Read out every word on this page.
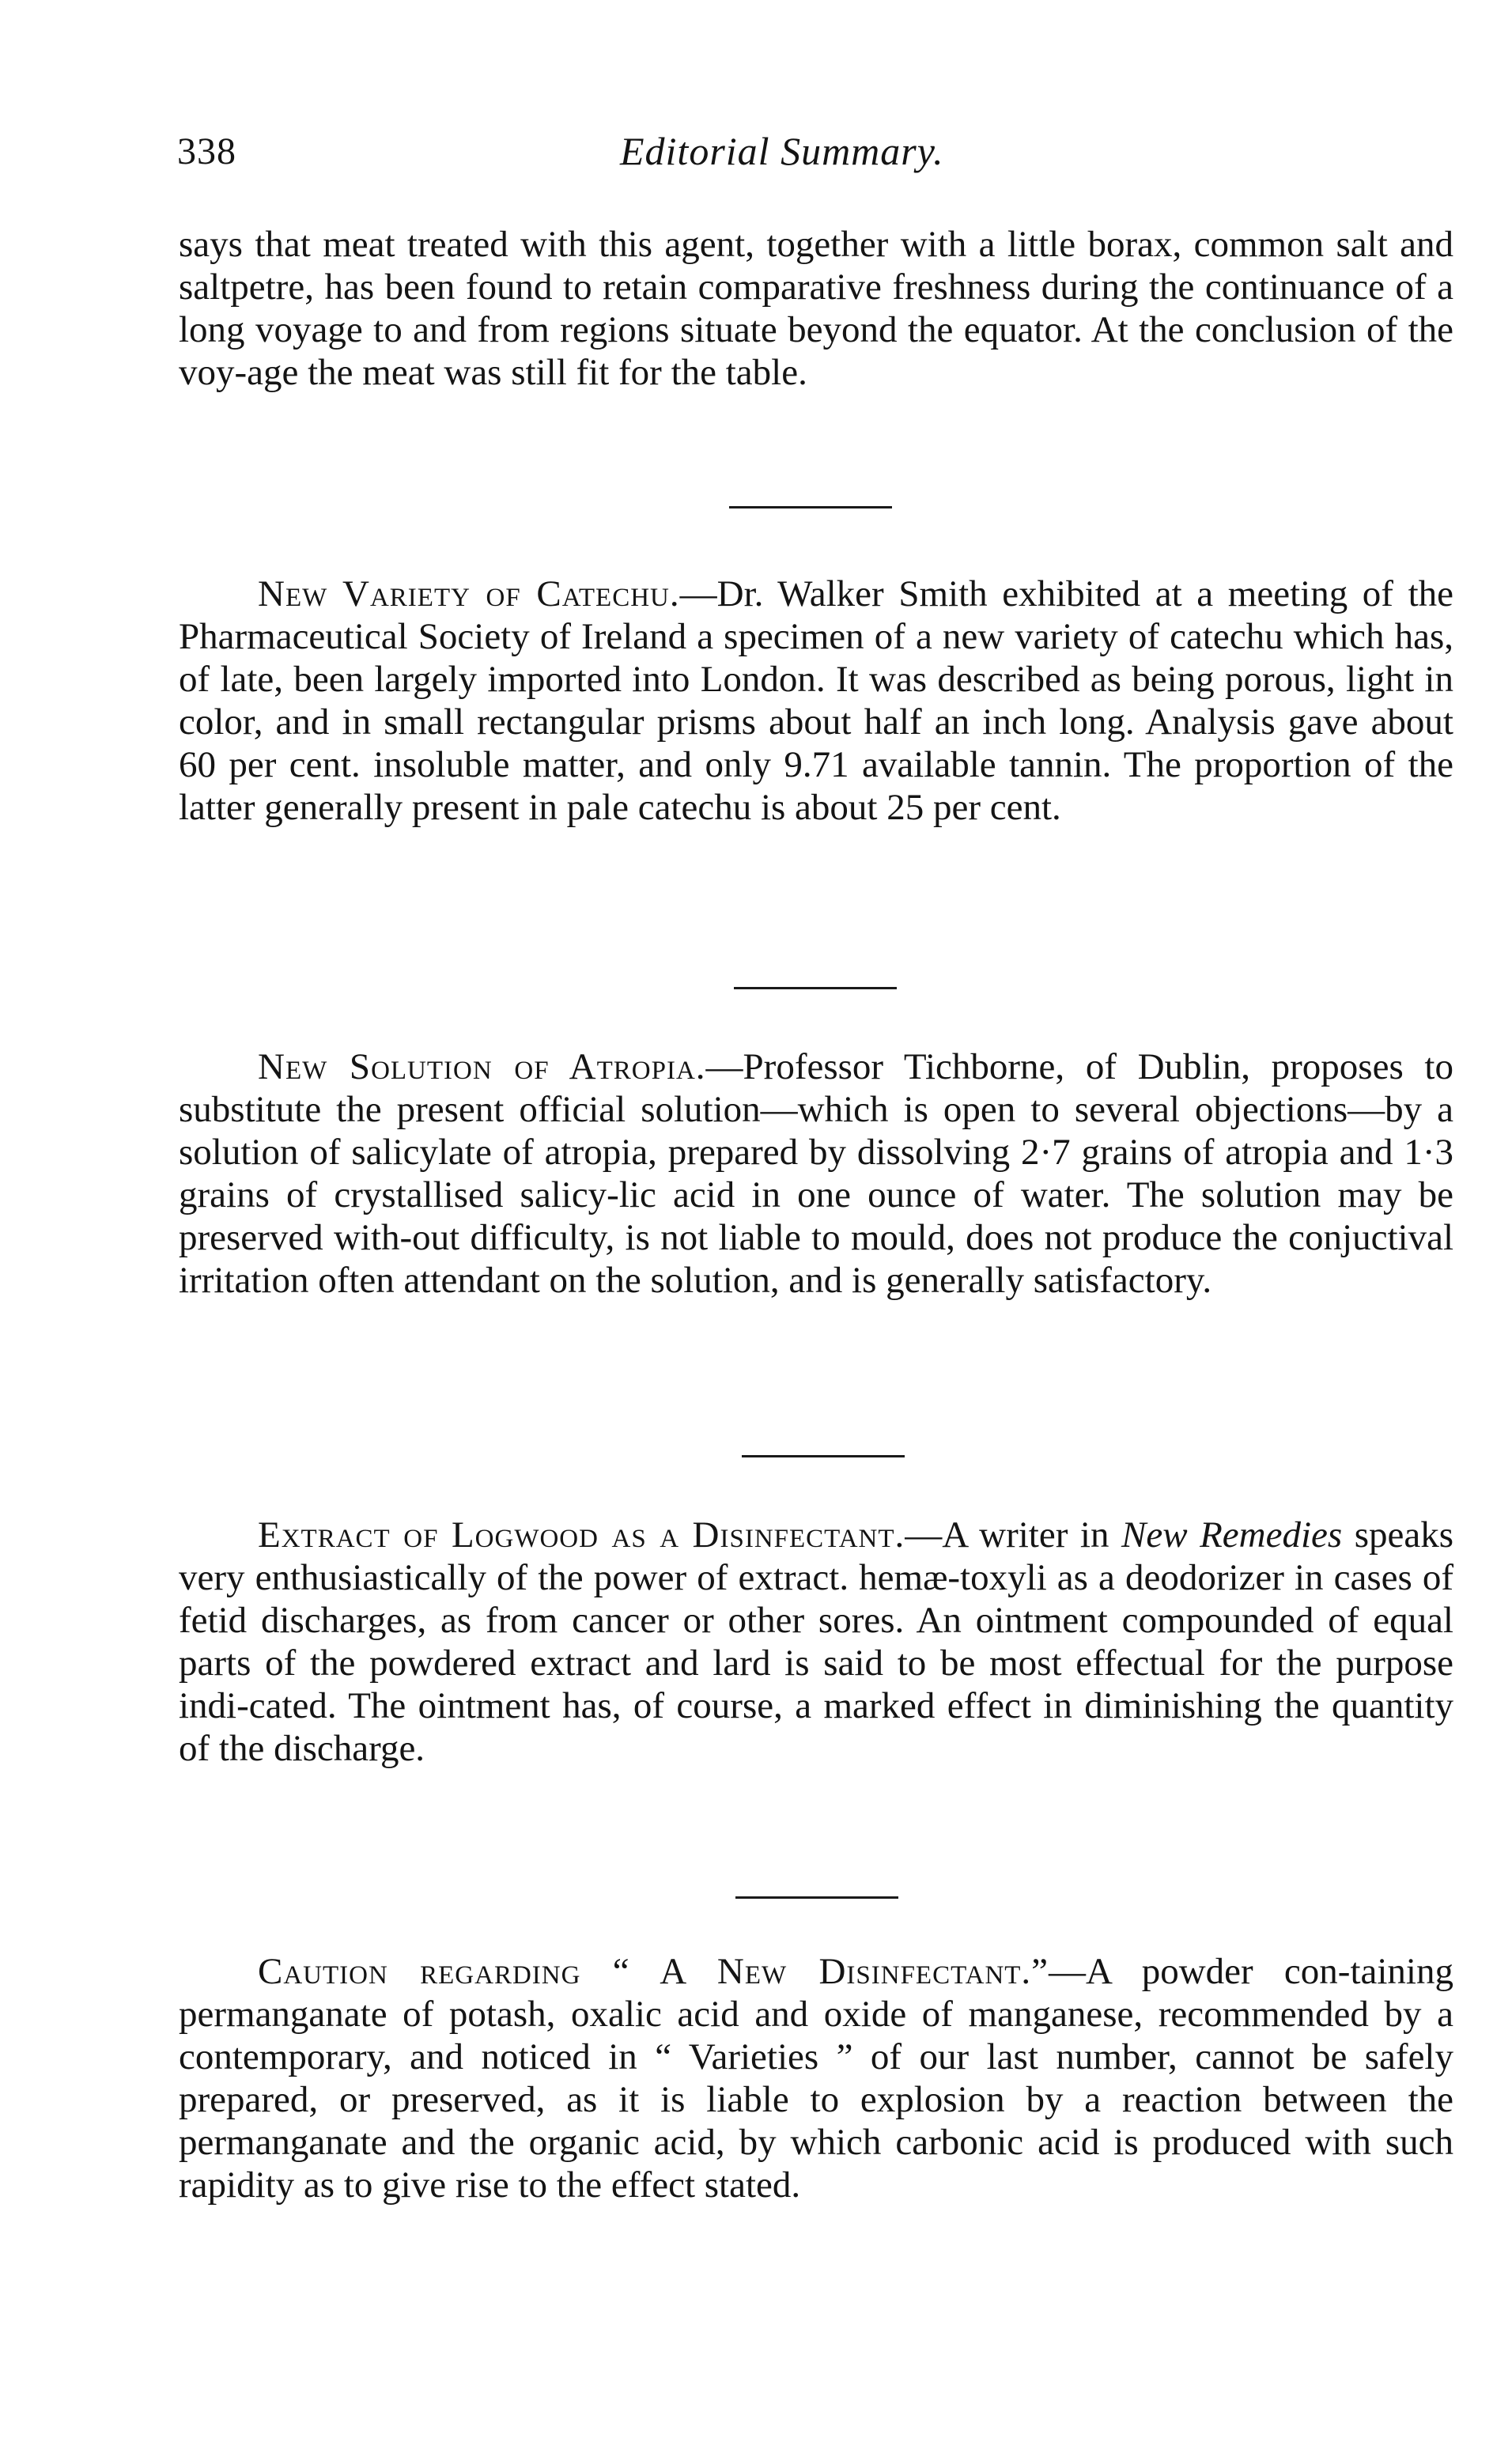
338	Editorial Summary.

says that meat treated with this agent, together with a little borax, common salt and saltpetre, has been found to retain comparative freshness during the continuance of a long voyage to and from regions situate beyond the equator. At the conclusion of the voy-age the meat was still fit for the table.

New Variety of Catechu.—Dr. Walker Smith exhibited at a meeting of the Pharmaceutical Society of Ireland a specimen of a new variety of catechu which has, of late, been largely imported into London. It was described as being porous, light in color, and in small rectangular prisms about half an inch long. Analysis gave about 60 per cent. insoluble matter, and only 9.71 available tannin. The proportion of the latter generally present in pale catechu is about 25 per cent.

New Solution of Atropia.—Professor Tichborne, of Dublin, proposes to substitute the present official solution—which is open to several objections—by a solution of salicylate of atropia, prepared by dissolving 2·7 grains of atropia and 1·3 grains of crystallised salicy-lic acid in one ounce of water. The solution may be preserved with-out difficulty, is not liable to mould, does not produce the conjuctival irritation often attendant on the solution, and is generally satisfactory.

Extract of Logwood as a Disinfectant.—A writer in New Remedies speaks very enthusiastically of the power of extract. hemæ-toxyli as a deodorizer in cases of fetid discharges, as from cancer or other sores. An ointment compounded of equal parts of the powdered extract and lard is said to be most effectual for the purpose indi-cated. The ointment has, of course, a marked effect in diminishing the quantity of the discharge.

Caution regarding “ A New Disinfectant.”—A powder con-taining permanganate of potash, oxalic acid and oxide of manganese, recommended by a contemporary, and noticed in “ Varieties ” of our last number, cannot be safely prepared, or preserved, as it is liable to explosion by a reaction between the permanganate and the organic acid, by which carbonic acid is produced with such rapidity as to give rise to the effect stated.
